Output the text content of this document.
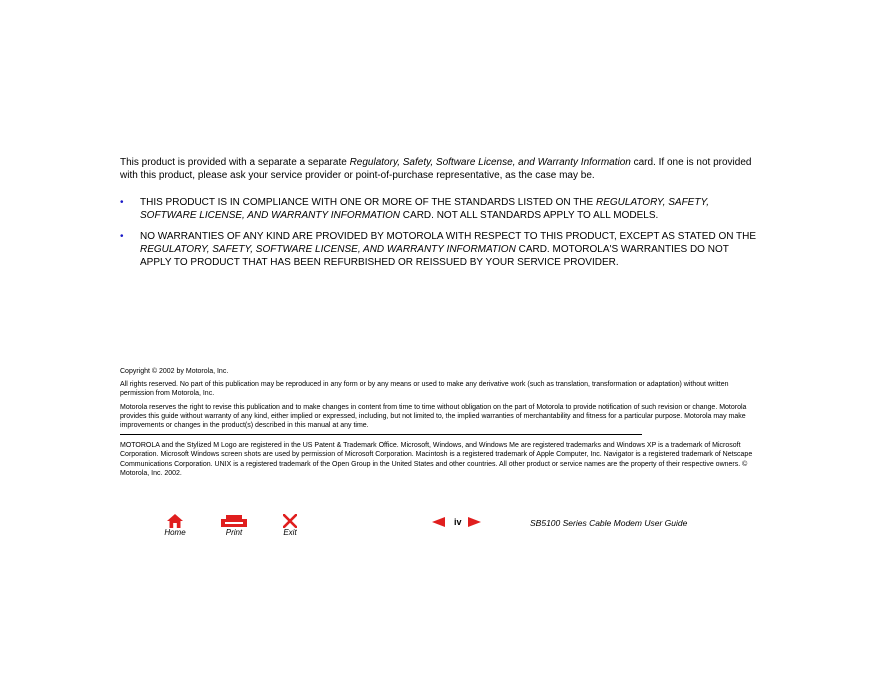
This product is provided with a separate a separate Regulatory, Safety, Software License, and Warranty Information card. If one is not provided with this product, please ask your service provider or point-of-purchase representative, as the case may be.

• THIS PRODUCT IS IN COMPLIANCE WITH ONE OR MORE OF THE STANDARDS LISTED ON THE REGULATORY, SAFETY, SOFTWARE LICENSE, AND WARRANTY INFORMATION CARD. NOT ALL STANDARDS APPLY TO ALL MODELS.
• NO WARRANTIES OF ANY KIND ARE PROVIDED BY MOTOROLA WITH RESPECT TO THIS PRODUCT, EXCEPT AS STATED ON THE REGULATORY, SAFETY, SOFTWARE LICENSE, AND WARRANTY INFORMATION CARD. MOTOROLA'S WARRANTIES DO NOT APPLY TO PRODUCT THAT HAS BEEN REFURBISHED OR REISSUED BY YOUR SERVICE PROVIDER.

Copyright © 2002 by Motorola, Inc.

All rights reserved. No part of this publication may be reproduced in any form or by any means or used to make any derivative work (such as translation, transformation or adaptation) without written permission from Motorola, Inc.

Motorola reserves the right to revise this publication and to make changes in content from time to time without obligation on the part of Motorola to provide notification of such revision or change. Motorola provides this guide without warranty of any kind, either implied or expressed, including, but not limited to, the implied warranties of merchantability and fitness for a particular purpose. Motorola may make improvements or changes in the product(s) described in this manual at any time.

MOTOROLA and the Stylized M Logo are registered in the US Patent & Trademark Office. Microsoft, Windows, and Windows Me are registered trademarks and Windows XP is a trademark of Microsoft Corporation. Microsoft Windows screen shots are used by permission of Microsoft Corporation. Macintosh is a registered trademark of Apple Computer, Inc. Navigator is a registered trademark of Netscape Communications Corporation. UNIX is a registered trademark of the Open Group in the United States and other countries. All other product or service names are the property of their respective owners. © Motorola, Inc. 2002.

Home	Print	Exit
iv	SB5100 Series Cable Modem User Guide
